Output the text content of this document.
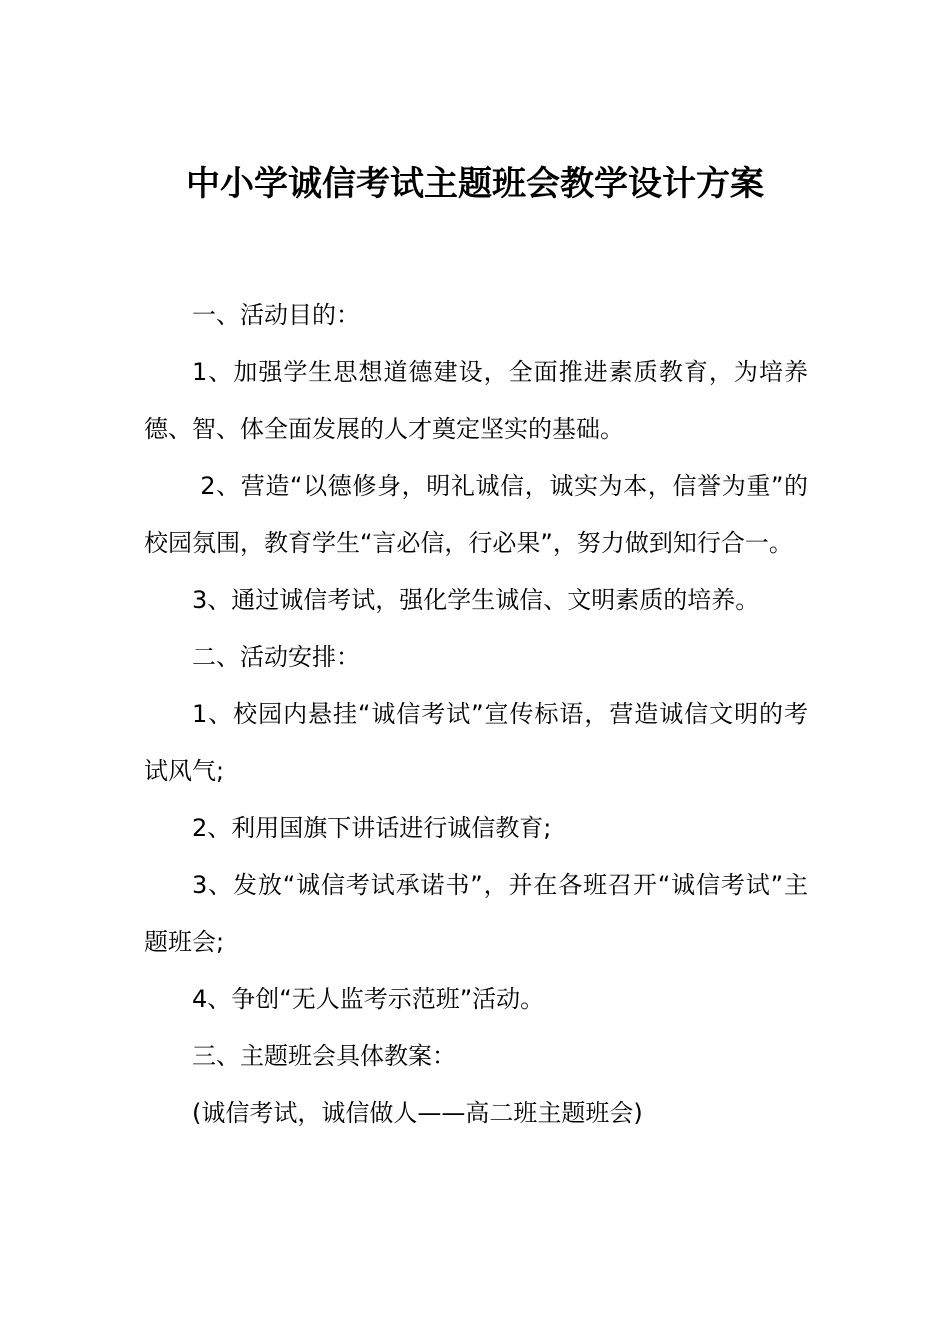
中小学诚信考试主题班会教学设计方案

一、活动目的：

1、加强学生思想道德建设，全面推进素质教育，为培养德、智、体全面发展的人才奠定坚实的基础。

2、营造“以德修身，明礼诚信，诚实为本，信誉为重”的校园氛围，教育学生“言必信，行必果”，努力做到知行合一。

3、通过诚信考试，强化学生诚信、文明素质的培养。

二、活动安排：

1、校园内悬挂“诚信考试”宣传标语，营造诚信文明的考试风气;

2、利用国旗下讲话进行诚信教育;

3、发放“诚信考试承诺书”，并在各班召开“诚信考试”主题班会;

4、争创“无人监考示范班”活动。

三、主题班会具体教案：

(诚信考试，诚信做人——高二班主题班会)
